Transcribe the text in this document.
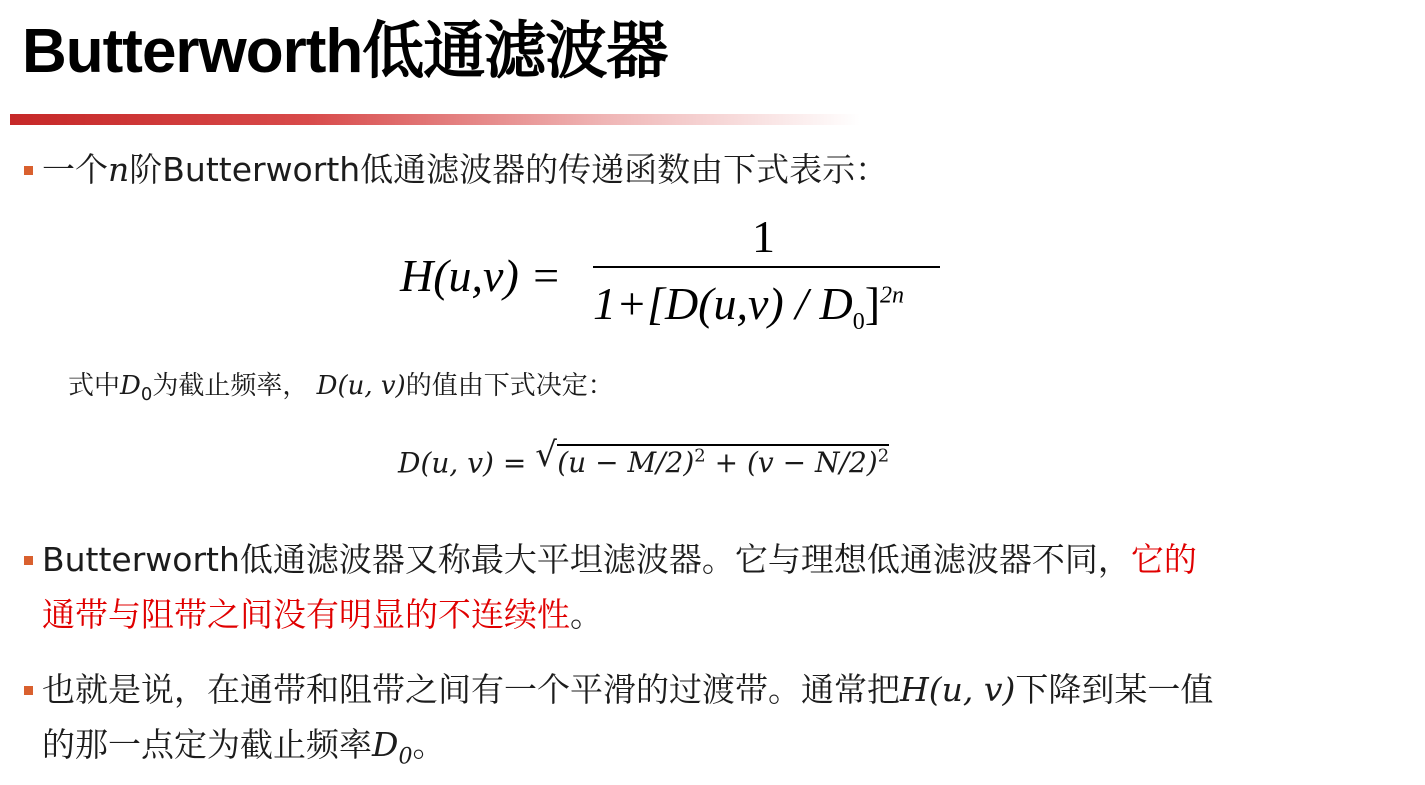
Butterworth低通滤波器
一个n阶Butterworth低通滤波器的传递函数由下式表示：
H(u,v) =
1
$1+[D(u,v) / D_0]^{2n}$
式中$D_0$为截止频率， D(u, v)的值由下式决定：
D(u, v) = √ $(u - M/2)^2 + (v - N/2)^2$
Butterworth低通滤波器又称最大平坦滤波器。它与理想低通滤波器不同，它的
通带与阻带之间没有明显的不连续性。
也就是说，在通带和阻带之间有一个平滑的过渡带。通常把H(u, v)下降到某一值
的那一点定为截止频率$D_0$。
